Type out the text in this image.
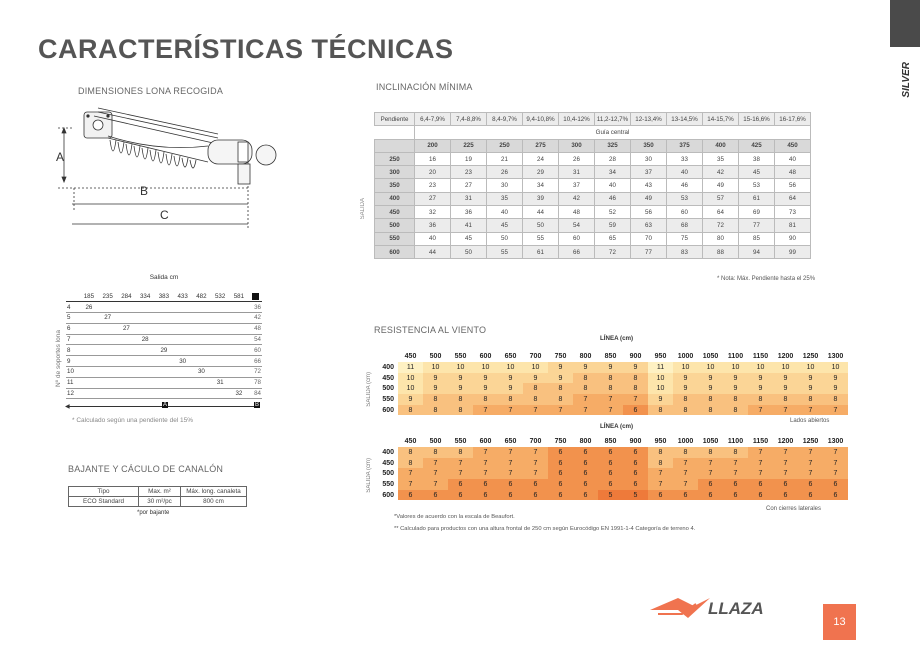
CARACTERÍSTICAS TÉCNICAS
SILVER
DIMENSIONES LONA RECOGIDA
A
B
C
Salida cm
	185	235	284	334	383	433	482	532	581	
4	26									36
5		27								42
6			27							48
7				28						54
8					29					60
9						30				66
10							30			72
11								31		78
12									32	84
Nº de soportes lona
◀	A	B
* Calculado según una pendiente del 15%
BAJANTE Y CÁCULO DE CANALÓN
Tipo	Max. m²	Máx. long. canaleta
ECO Standard	30 m²/pc	800 cm
*por bajante
INCLINACIÓN MÍNIMA
Pendiente	6,4-7,9%	7,4-8,8%	8,4-9,7%	9,4-10,8%	10,4-12%	11,2-12,7%	12-13,4%	13-14,5%	14-15,7%	15-16,6%	16-17,6%
	Guía central										
	200	225	250	275	300	325	350	375	400	425	450
250	16	19	21	24	26	28	30	33	35	38	40
300	20	23	26	29	31	34	37	40	42	45	48
350	23	27	30	34	37	40	43	46	49	53	56
400	27	31	35	39	42	46	49	53	57	61	64
450	32	36	40	44	48	52	56	60	64	69	73
500	36	41	45	50	54	59	63	68	72	77	81
550	40	45	50	55	60	65	70	75	80	85	90
600	44	50	55	61	66	72	77	83	88	94	99
SALIDA
* Nota: Máx. Pendiente hasta el 25%
RESISTENCIA AL VIENTO
LÍNEA (cm)
	450	500	550	600	650	700	750	800	850	900	950	1000	1050	1100	1150	1200	1250	1300
400	11	10	10	10	10	10	9	9	9	9	11	10	10	10	10	10	10	10
450	10	9	9	9	9	9	9	8	8	8	10	9	9	9	9	9	9	9
500	10	9	9	9	9	8	8	8	8	8	10	9	9	9	9	9	9	9
550	9	8	8	8	8	8	8	7	7	7	9	8	8	8	8	8	8	8
600	8	8	8	7	7	7	7	7	7	6	8	8	8	8	7	7	7	7
SALIDA (cm)
Lados abiertos
LÍNEA (cm)
	450	500	550	600	650	700	750	800	850	900	950	1000	1050	1100	1150	1200	1250	1300
400	8	8	8	7	7	7	6	6	6	6	8	8	8	8	7	7	7	7
450	8	7	7	7	7	7	6	6	6	6	8	7	7	7	7	7	7	7
500	7	7	7	7	7	7	6	6	6	6	7	7	7	7	7	7	7	7
550	7	7	6	6	6	6	6	6	6	6	7	7	6	6	6	6	6	6
600	6	6	6	6	6	6	6	6	5	5	6	6	6	6	6	6	6	6
SALIDA (cm)
Con cierres laterales
*Valores de acuerdo con la escala de Beaufort.
** Calculado para productos con una altura frontal de 250 cm según Eurocódigo EN 1991-1-4 Categoría de terreno 4.
LLAZA
13
